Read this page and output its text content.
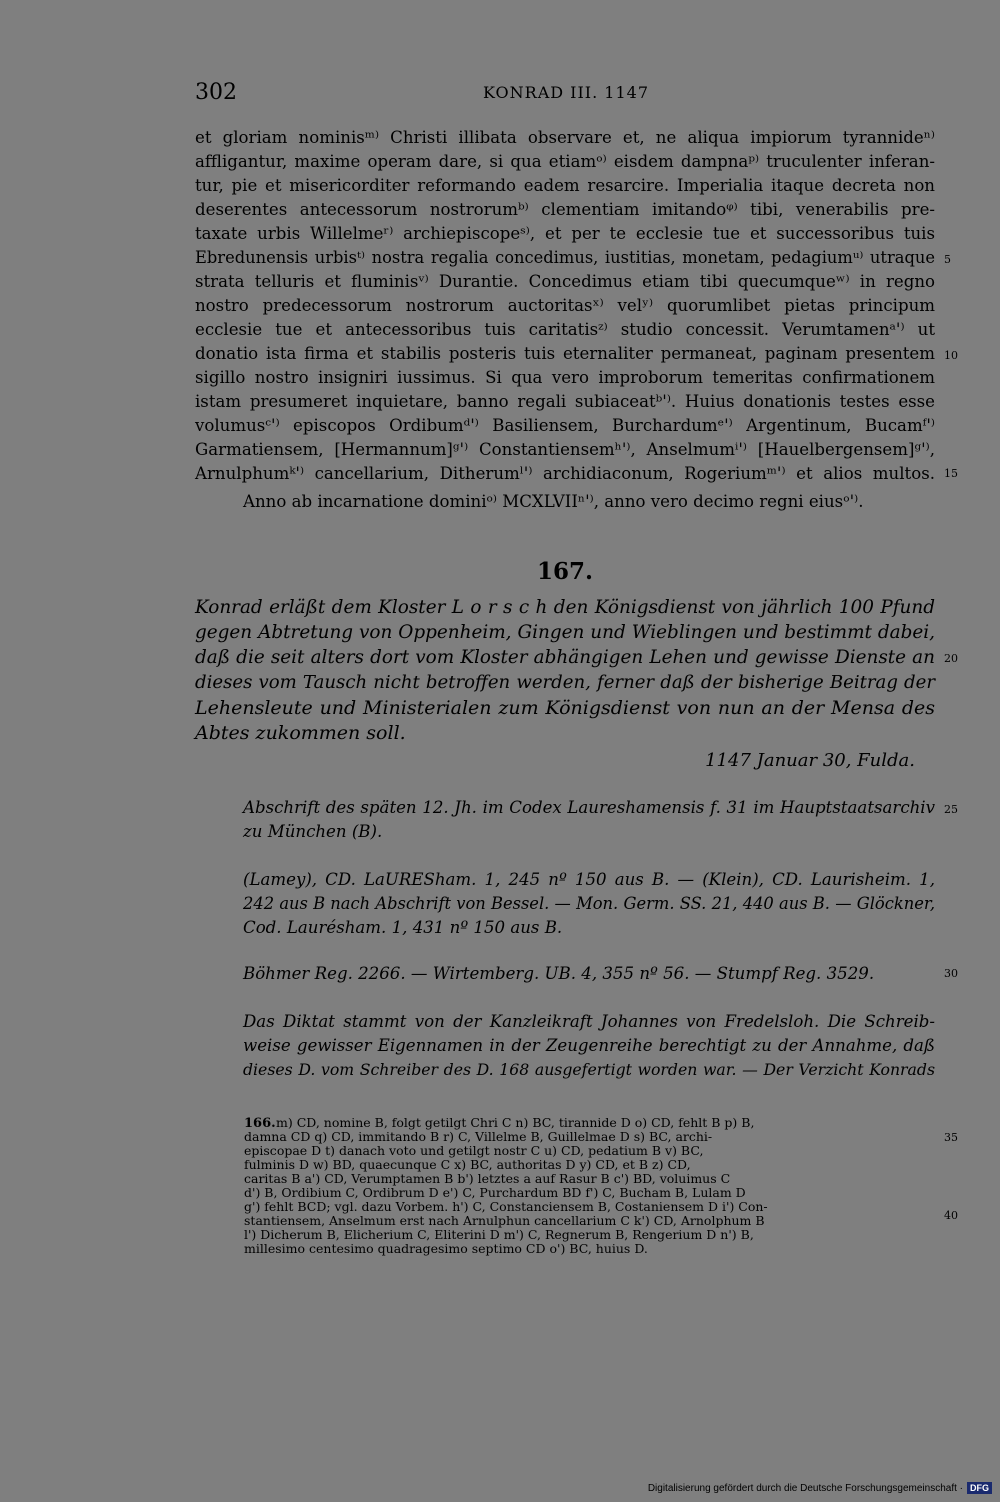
302	KONRAD III. 1147
et gloriam nominisᵐ⁾ Christi illibata observare et, ne aliqua impiorum tyrannideⁿ⁾
affligantur, maxime operam dare, si qua etiamᵒ⁾ eisdem dampnaᵖ⁾ truculenter inferan-
tur, pie et misericorditer reformando eadem resarcire. Imperialia itaque decreta non
deserentes antecessorum nostrorumᵇ⁾ clementiam imitandoᵠ⁾ tibi, venerabilis pre-
taxate urbis Willelmeʳ⁾ archiepiscopeˢ⁾, et per te ecclesie tue et successoribus tuis
Ebredunensis urbisᵗ⁾ nostra regalia concedimus, iustitias, monetam, pedagiumᵘ⁾ utraque
strata telluris et fluminisᵛ⁾ Durantie. Concedimus etiam tibi quecumqueʷ⁾ in regno
nostro predecessorum nostrorum auctoritasˣ⁾ velʸ⁾ quorumlibet pietas principum
ecclesie tue et antecessoribus tuis caritatisᶻ⁾ studio concessit. Verumtamenᵃ'⁾ ut
donatio ista firma et stabilis posteris tuis eternaliter permaneat, paginam presentem
sigillo nostro insigniri iussimus. Si qua vero improborum temeritas confirmationem
istam presumeret inquietare, banno regali subiaceatᵇ'⁾. Huius donationis testes esse
volumusᶜ'⁾ episcopos Ordibumᵈ'⁾ Basiliensem, Burchardumᵉ'⁾ Argentinum, Bucamᶠ'⁾
Garmatiensem, [Hermannum]ᵍ'⁾ Constantiensemʰ'⁾, Anselmumⁱ'⁾ [Hauelbergensem]ᵍ'⁾,
Arnulphumᵏ'⁾ cancellarium, Ditherumˡ'⁾ archidiaconum, Rogeriumᵐ'⁾ et alios multos.
Anno ab incarnatione dominiᵒ⁾ MCXLVIIⁿ'⁾, anno vero decimo regni eiusᵒ'⁾.
5
10
15
20
25
30
35
40
167.
Konrad erläßt dem Kloster L o r s c h den Königsdienst von jährlich 100 Pfund
gegen Abtretung von Oppenheim, Gingen und Wieblingen und bestimmt dabei,
daß die seit alters dort vom Kloster abhängigen Lehen und gewisse Dienste an
dieses vom Tausch nicht betroffen werden, ferner daß der bisherige Beitrag der
Lehensleute und Ministerialen zum Königsdienst von nun an der Mensa des
Abtes zukommen soll.
1147 Januar 30, Fulda.
Abschrift des späten 12. Jh. im Codex Laureshamensis f. 31 im Hauptstaatsarchiv
zu München (B).
(Lamey), CD. LaURESham. 1, 245 nº 150 aus B. — (Klein), CD. Laurisheim. 1,
242 aus B nach Abschrift von Bessel. — Mon. Germ. SS. 21, 440 aus B. — Glöckner,
Cod. Laurésham. 1, 431 nº 150 aus B.
Böhmer Reg. 2266. — Wirtemberg. UB. 4, 355 nº 56. — Stumpf Reg. 3529.
Das Diktat stammt von der Kanzleikraft Johannes von Fredelsloh. Die Schreib-
weise gewisser Eigennamen in der Zeugenreihe berechtigt zu der Annahme, daß
dieses D. vom Schreiber des D. 168 ausgefertigt worden war. — Der Verzicht Konrads
166. m) CD, nomine B, folgt getilgt Chri C n) BC, tirannide D o) CD, fehlt B p) B,
damna CD q) CD, immitando B r) C, Villelme B, Guillelmae D s) BC, archi-
episcopae D t) danach voto und getilgt nostr C u) CD, pedatium B v) BC,
fulminis D w) BD, quaecunque C x) BC, authoritas D y) CD, et B z) CD,
caritas B a') CD, Verumptamen B b') letztes a auf Rasur B c') BD, voluimus C
d') B, Ordibium C, Ordibrum D e') C, Purchardum BD f') C, Bucham B, Lulam D
g') fehlt BCD; vgl. dazu Vorbem. h') C, Constanciensem B, Costaniensem D i') Con-
stantiensem, Anselmum erst nach Arnulphun cancellarium C k') CD, Arnolphum B
l') Dicherum B, Elicherium C, Eliterini D m') C, Regnerum B, Rengerium D n') B,
millesimo centesimo quadragesimo septimo CD o') BC, huius D.
Digitalisierung gefördert durch die Deutsche Forschungsgemeinschaft · DFG
